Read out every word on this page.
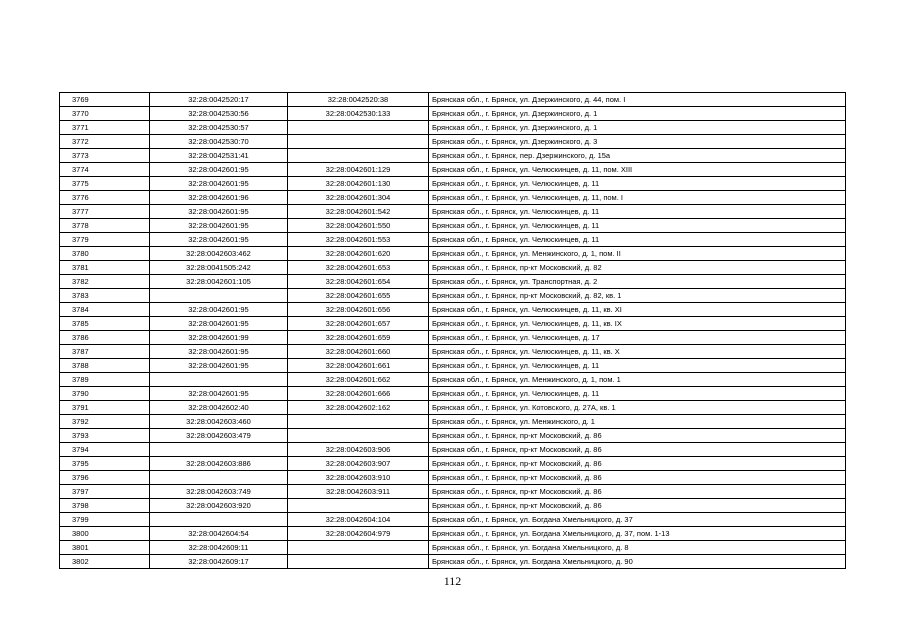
3769	32:28:0042520:17	32:28:0042520:38	Брянская обл., г. Брянск, ул. Дзержинского, д. 44, пом. I
3770	32:28:0042530:56	32:28:0042530:133	Брянская обл., г. Брянск, ул. Дзержинского, д. 1
3771	32:28:0042530:57		Брянская обл., г. Брянск, ул. Дзержинского, д. 1
3772	32:28:0042530:70		Брянская обл., г. Брянск, ул. Дзержинского, д. 3
3773	32:28:0042531:41		Брянская обл., г. Брянск, пер. Дзержинского, д. 15а
3774	32:28:0042601:95	32:28:0042601:129	Брянская обл., г. Брянск, ул. Челюскинцев, д. 11, пом. XIII
3775	32:28:0042601:95	32:28:0042601:130	Брянская обл., г. Брянск, ул. Челюскинцев, д. 11
3776	32:28:0042601:96	32:28:0042601:304	Брянская обл., г. Брянск, ул. Челюскинцев, д. 11, пом. I
3777	32:28:0042601:95	32:28:0042601:542	Брянская обл., г. Брянск, ул. Челюскинцев, д. 11
3778	32:28:0042601:95	32:28:0042601:550	Брянская обл., г. Брянск, ул. Челюскинцев, д. 11
3779	32:28:0042601:95	32:28:0042601:553	Брянская обл., г. Брянск, ул. Челюскинцев, д. 11
3780	32:28:0042603:462	32:28:0042601:620	Брянская обл., г. Брянск, ул. Менжинского, д. 1, пом. II
3781	32:28:0041505:242	32:28:0042601:653	Брянская обл., г. Брянск, пр-кт Московский, д. 82
3782	32:28:0042601:105	32:28:0042601:654	Брянская обл., г. Брянск, ул. Транспортная, д. 2
3783		32:28:0042601:655	Брянская обл., г. Брянск, пр-кт Московский, д. 82, кв. 1
3784	32:28:0042601:95	32:28:0042601:656	Брянская обл., г. Брянск, ул. Челюскинцев, д. 11, кв. XI
3785	32:28:0042601:95	32:28:0042601:657	Брянская обл., г. Брянск, ул. Челюскинцев, д. 11, кв. IX
3786	32:28:0042601:99	32:28:0042601:659	Брянская обл., г. Брянск, ул. Челюскинцев, д. 17
3787	32:28:0042601:95	32:28:0042601:660	Брянская обл., г. Брянск, ул. Челюскинцев, д. 11, кв. X
3788	32:28:0042601:95	32:28:0042601:661	Брянская обл., г. Брянск, ул. Челюскинцев, д. 11
3789		32:28:0042601:662	Брянская обл., г. Брянск, ул. Менжинского, д. 1, пом. 1
3790	32:28:0042601:95	32:28:0042601:666	Брянская обл., г. Брянск, ул. Челюскинцев, д. 11
3791	32:28:0042602:40	32:28:0042602:162	Брянская обл., г. Брянск, ул. Котовского, д. 27А, кв. 1
3792	32:28:0042603:460		Брянская обл., г. Брянск, ул. Менжинского, д. 1
3793	32:28:0042603:479		Брянская обл., г. Брянск, пр-кт Московский, д. 86
3794		32:28:0042603:906	Брянская обл., г. Брянск, пр-кт Московский, д. 86
3795	32:28:0042603:886	32:28:0042603:907	Брянская обл., г. Брянск, пр-кт Московский, д. 86
3796		32:28:0042603:910	Брянская обл., г. Брянск, пр-кт Московский, д. 86
3797	32:28:0042603:749	32:28:0042603:911	Брянская обл., г. Брянск, пр-кт Московский, д. 86
3798	32:28:0042603:920		Брянская обл., г. Брянск, пр-кт Московский, д. 86
3799		32:28:0042604:104	Брянская обл., г. Брянск, ул. Богдана Хмельницкого, д. 37
3800	32:28:0042604:54	32:28:0042604:979	Брянская обл., г. Брянск, ул. Богдана Хмельницкого, д. 37, пом. 1-13
3801	32:28:0042609:11		Брянская обл., г. Брянск, ул. Богдана Хмельницкого, д. 8
3802	32:28:0042609:17		Брянская обл., г. Брянск, ул. Богдана Хмельницкого, д. 90
112
